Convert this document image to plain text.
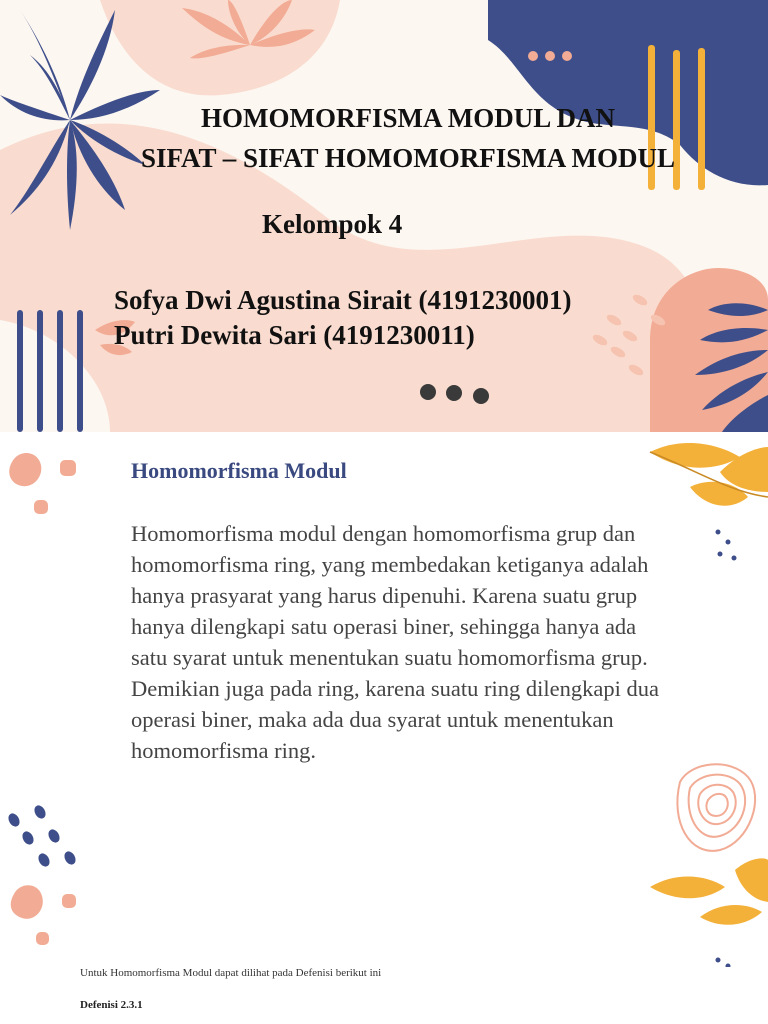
HOMOMORFISMA MODUL DAN
SIFAT – SIFAT HOMOMORFISMA MODUL
Kelompok 4
Sofya Dwi Agustina Sirait (4191230001)
Putri Dewita Sari (4191230011)
Homomorfisma Modul
Homomorfisma modul dengan homomorfisma grup dan homomorfisma ring, yang membedakan ketiganya adalah hanya prasyarat yang harus dipenuhi. Karena suatu grup hanya dilengkapi satu operasi biner, sehingga hanya ada satu syarat untuk menentukan suatu homomorfisma grup. Demikian juga pada ring, karena suatu ring dilengkapi dua operasi biner, maka ada dua syarat untuk menentukan homomorfisma ring.
Untuk Homomorfisma Modul dapat dilihat pada Defenisi berikut ini
Defenisi 2.3.1
